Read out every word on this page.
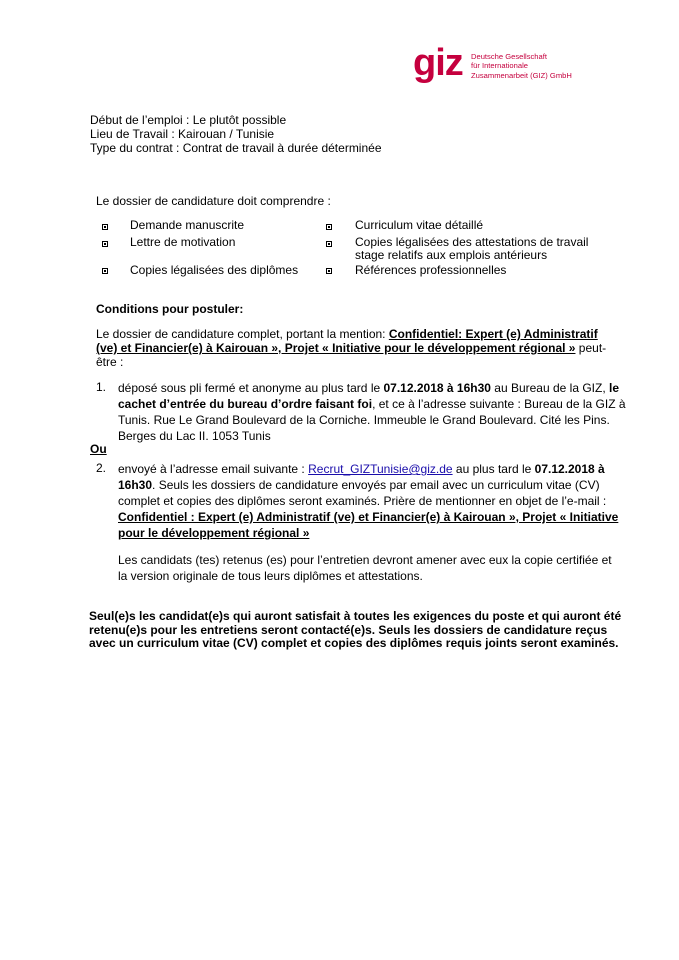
giz Deutsche Gesellschaft
für Internationale
Zusammenarbeit (GIZ) GmbH
Début de l’emploi : Le plutôt possible
Lieu de Travail : Kairouan / Tunisie
Type du contrat : Contrat de travail à durée déterminée
Le dossier de candidature doit comprendre :
Demande manuscrite
Lettre de motivation
Copies légalisées des diplômes
Curriculum vitae détaillé
Copies légalisées des attestations de travail
stage relatifs aux emplois antérieurs
Références professionnelles
Conditions pour postuler:
Le dossier de candidature complet, portant la mention: Confidentiel: Expert (e) Administratif
(ve) et Financier(e) à Kairouan », Projet « Initiative pour le développement régional » peut-
être :
1. déposé sous pli fermé et anonyme au plus tard le 07.12.2018 à 16h30 au Bureau de la GIZ, le
cachet d’entrée du bureau d’ordre faisant foi, et ce à l’adresse suivante : Bureau de la GIZ à
Tunis. Rue Le Grand Boulevard de la Corniche. Immeuble le Grand Boulevard. Cité les Pins.
Berges du Lac II. 1053 Tunis
Ou
2. envoyé à l’adresse email suivante : Recrut_GIZTunisie@giz.de au plus tard le 07.12.2018 à
16h30. Seuls les dossiers de candidature envoyés par email avec un curriculum vitae (CV)
complet et copies des diplômes seront examinés. Prière de mentionner en objet de l’e-mail :
Confidentiel : Expert (e) Administratif (ve) et Financier(e) à Kairouan », Projet « Initiative
pour le développement régional »
Les candidats (tes) retenus (es) pour l’entretien devront amener avec eux la copie certifiée et
la version originale de tous leurs diplômes et attestations.
Seul(e)s les candidat(e)s qui auront satisfait à toutes les exigences du poste et qui auront été
retenu(e)s pour les entretiens seront contacté(e)s. Seuls les dossiers de candidature reçus
avec un curriculum vitae (CV) complet et copies des diplômes requis joints seront examinés.
